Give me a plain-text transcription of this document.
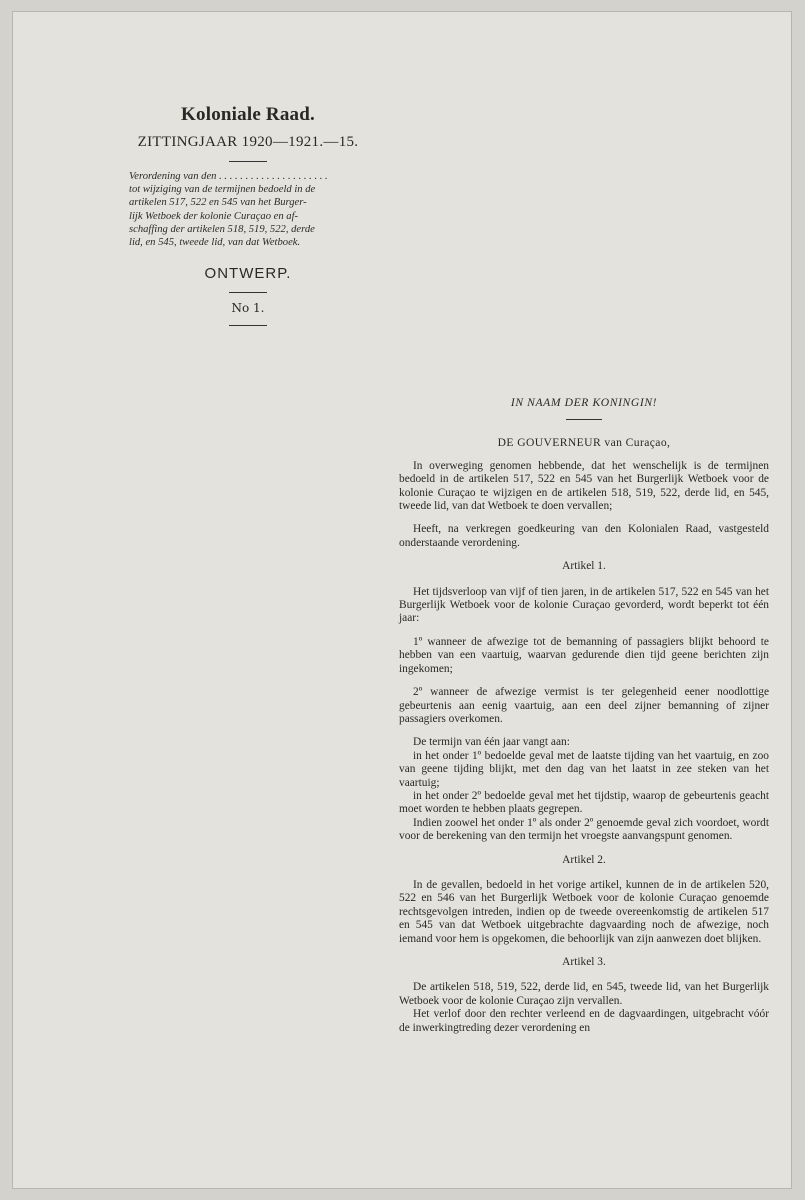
Koloniale Raad.
ZITTINGJAAR 1920—1921.—15.
Verordening van den . . . . . . . . . . . . . . . . . . . . .
tot wijziging van de termijnen bedoeld in de
artikelen 517, 522 en 545 van het Burger-
lijk Wetboek der kolonie Curaçao en af-
schaffing der artikelen 518, 519, 522, derde
lid, en 545, tweede lid, van dat Wetboek.
ONTWERP.
No 1.

IN NAAM DER KONINGIN!

DE GOUVERNEUR van Curaçao,

In overweging genomen hebbende, dat het wenschelijk is de termijnen bedoeld in de artikelen 517, 522 en 545 van het Burgerlijk Wetboek voor de kolonie Curaçao te wijzigen en de artikelen 518, 519, 522, derde lid, en 545, tweede lid, van dat Wetboek te doen vervallen;

Heeft, na verkregen goedkeuring van den Kolonialen Raad, vastgesteld onderstaande verordening.

Artikel 1.

Het tijdsverloop van vijf of tien jaren, in de artikelen 517, 522 en 545 van het Burgerlijk Wetboek voor de kolonie Curaçao gevorderd, wordt beperkt tot één jaar:

1º wanneer de afwezige tot de bemanning of passagiers blijkt behoord te hebben van een vaartuig, waarvan gedurende dien tijd geene berichten zijn ingekomen;

2º wanneer de afwezige vermist is ter gelegenheid eener noodlottige gebeurtenis aan eenig vaartuig, aan een deel zijner bemanning of zijner passagiers overkomen.

De termijn van één jaar vangt aan:

in het onder 1º bedoelde geval met de laatste tijding van het vaartuig, en zoo van geene tijding blijkt, met den dag van het laatst in zee steken van het vaartuig;

in het onder 2º bedoelde geval met het tijdstip, waarop de gebeurtenis geacht moet worden te hebben plaats gegrepen.

Indien zoowel het onder 1º als onder 2º genoemde geval zich voordoet, wordt voor de berekening van den termijn het vroegste aanvangspunt genomen.

Artikel 2.

In de gevallen, bedoeld in het vorige artikel, kunnen de in de artikelen 520, 522 en 546 van het Burgerlijk Wetboek voor de kolonie Curaçao genoemde rechtsgevolgen intreden, indien op de tweede overeenkomstig de artikelen 517 en 545 van dat Wetboek uitgebrachte dagvaarding noch de afwezige, noch iemand voor hem is opgekomen, die behoorlijk van zijn aanwezen doet blijken.

Artikel 3.

De artikelen 518, 519, 522, derde lid, en 545, tweede lid, van het Burgerlijk Wetboek voor de kolonie Curaçao zijn vervallen.

Het verlof door den rechter verleend en de dagvaardingen, uitgebracht vóór de inwerkingtreding dezer verordening en
